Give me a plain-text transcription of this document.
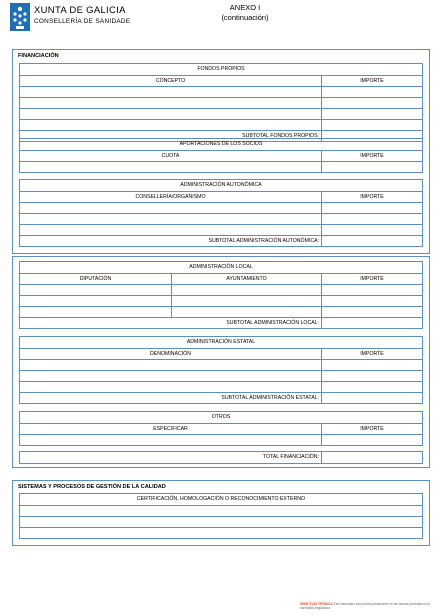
XUNTA DE GALICIA
CONSELLERÍA DE SANIDADE
ANEXO I
(continuación)
FINANCIACIÓN
FONDOS PROPIOS
CONCEPTO	IMPORTE
SUBTOTAL FONDOS PROPIOS:
APORTACIONES DE LOS SOCIOS
CUOTA	IMPORTE
ADMINISTRACIÓN AUTONÓMICA
CONSELLERÍA/ORGANISMO	IMPORTE
SUBTOTAL ADMINISTRACIÓN AUTONÓMICA:
ADMINISTRACIÓN LOCAL
DIPUTACIÓN	AYUNTAMIENTO	IMPORTE
SUBTOTAL ADMINISTRACIÓN LOCAL:
ADMINISTRACIÓN ESTATAL
DENOMINACIÓN	IMPORTE
SUBTOTAL ADMINISTRACIÓN ESTATAL:
OTROS
ESPECIFICAR	IMPORTE
TOTAL FINANCIACIÓN:
SISTEMAS Y PROCESOS DE GESTIÓN DE LA CALIDAD
CERTIFICACIÓN, HOMOLOGACIÓN O RECONOCIMIENTO EXTERNO
SEDE ELECTRÓNICA Este formulario sólo podrá presentarse en las formas previstas en la normativa reguladora
